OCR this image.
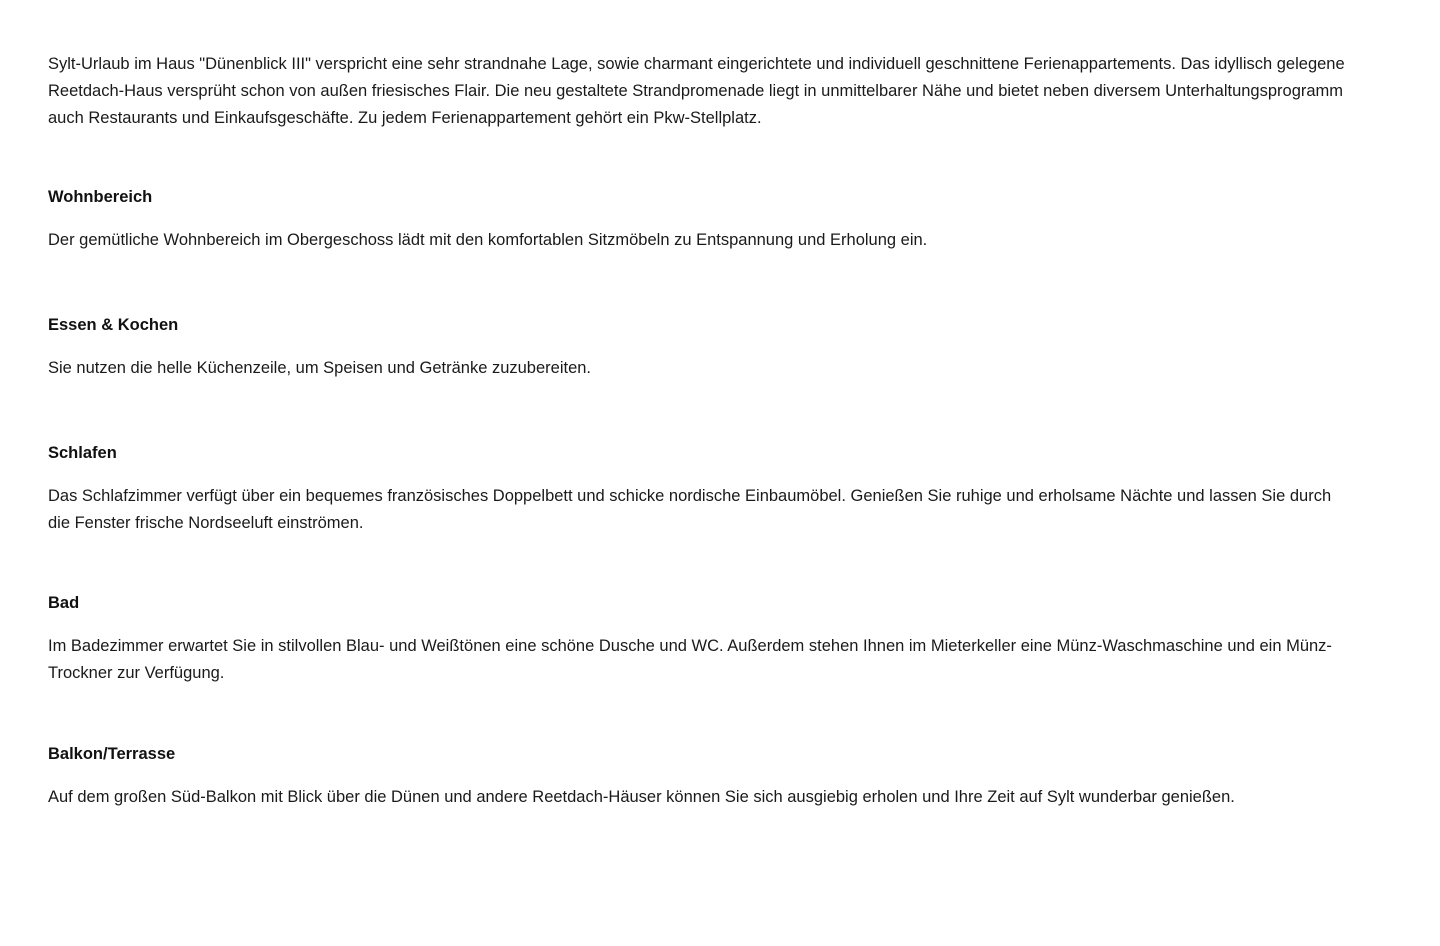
Sylt-Urlaub im Haus "Dünenblick III" verspricht eine sehr strandnahe Lage, sowie charmant eingerichtete und individuell geschnittene Ferienappartements. Das idyllisch gelegene Reetdach-Haus versprüht schon von außen friesisches Flair. Die neu gestaltete Strandpromenade liegt in unmittelbarer Nähe und bietet neben diversem Unterhaltungsprogramm auch Restaurants und Einkaufsgeschäfte. Zu jedem Ferienappartement gehört ein Pkw-Stellplatz.

Wohnbereich

Der gemütliche Wohnbereich im Obergeschoss lädt mit den komfortablen Sitzmöbeln zu Entspannung und Erholung ein.

Essen & Kochen

Sie nutzen die helle Küchenzeile, um Speisen und Getränke zuzubereiten.

Schlafen

Das Schlafzimmer verfügt über ein bequemes französisches Doppelbett und schicke nordische Einbaumöbel. Genießen Sie ruhige und erholsame Nächte und lassen Sie durch die Fenster frische Nordseeluft einströmen.

Bad

Im Badezimmer erwartet Sie in stilvollen Blau- und Weißtönen eine schöne Dusche und WC. Außerdem stehen Ihnen im Mieterkeller eine Münz-Waschmaschine und ein Münz-Trockner zur Verfügung.

Balkon/Terrasse

Auf dem großen Süd-Balkon mit Blick über die Dünen und andere Reetdach-Häuser können Sie sich ausgiebig erholen und Ihre Zeit auf Sylt wunderbar genießen.
